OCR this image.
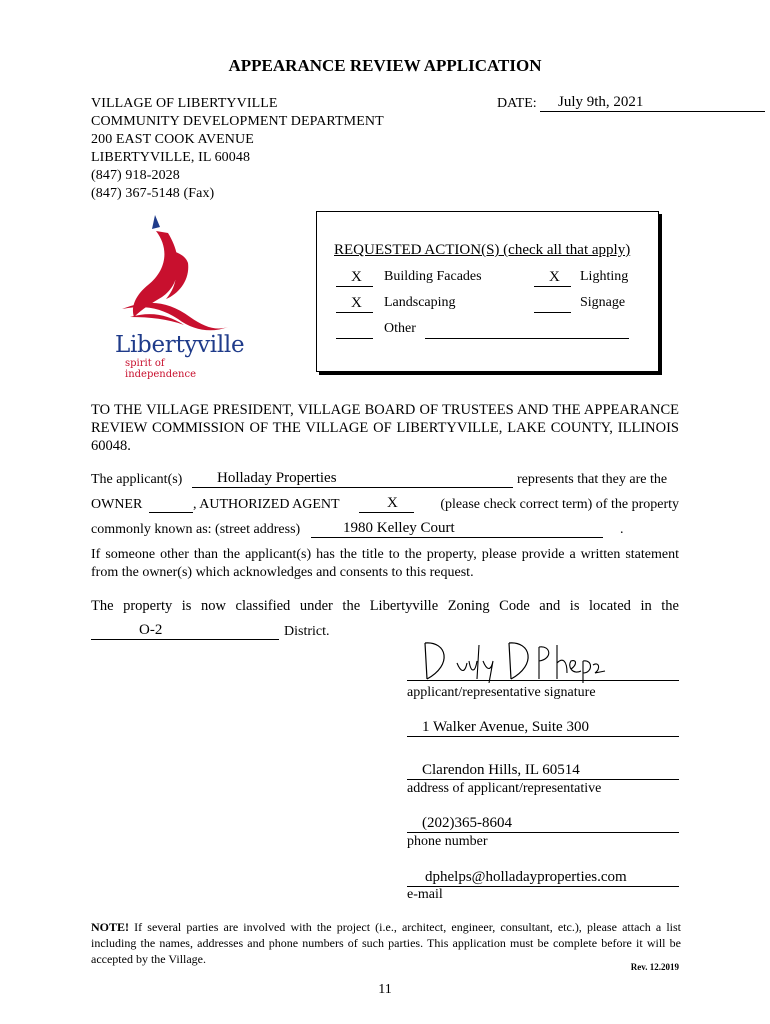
APPEARANCE REVIEW APPLICATION
VILLAGE OF LIBERTYVILLE
COMMUNITY DEVELOPMENT DEPARTMENT
200 EAST COOK AVENUE
LIBERTYVILLE, IL 60048
(847) 918-2028
(847) 367-5148 (Fax)
DATE: July 9th, 2021
Libertyville
spirit of independence
REQUESTED ACTION(S) (check all that apply)
X Building Facades	X Lighting
X Landscaping	Signage
Other
TO THE VILLAGE PRESIDENT, VILLAGE BOARD OF TRUSTEES AND THE APPEARANCE REVIEW COMMISSION OF THE VILLAGE OF LIBERTYVILLE, LAKE COUNTY, ILLINOIS 60048.
The applicant(s) Holladay Properties	represents that they are the
OWNER	, AUTHORIZED AGENT	X	(please check correct term) of the property
commonly known as: (street address)	1980 Kelley Court	.
If someone other than the applicant(s) has the title to the property, please provide a written statement from the owner(s) which acknowledges and consents to this request.
The property is now classified under the Libertyville Zoning Code and is located in the
O-2	District.
applicant/representative signature
1 Walker Avenue, Suite 300
Clarendon Hills, IL 60514
address of applicant/representative
(202)365-8604
phone number
dphelps@holladayproperties.com
e-mail
NOTE! If several parties are involved with the project (i.e., architect, engineer, consultant, etc.), please attach a list including the names, addresses and phone numbers of such parties. This application must be complete before it will be accepted by the Village.
Rev. 12.2019
11
